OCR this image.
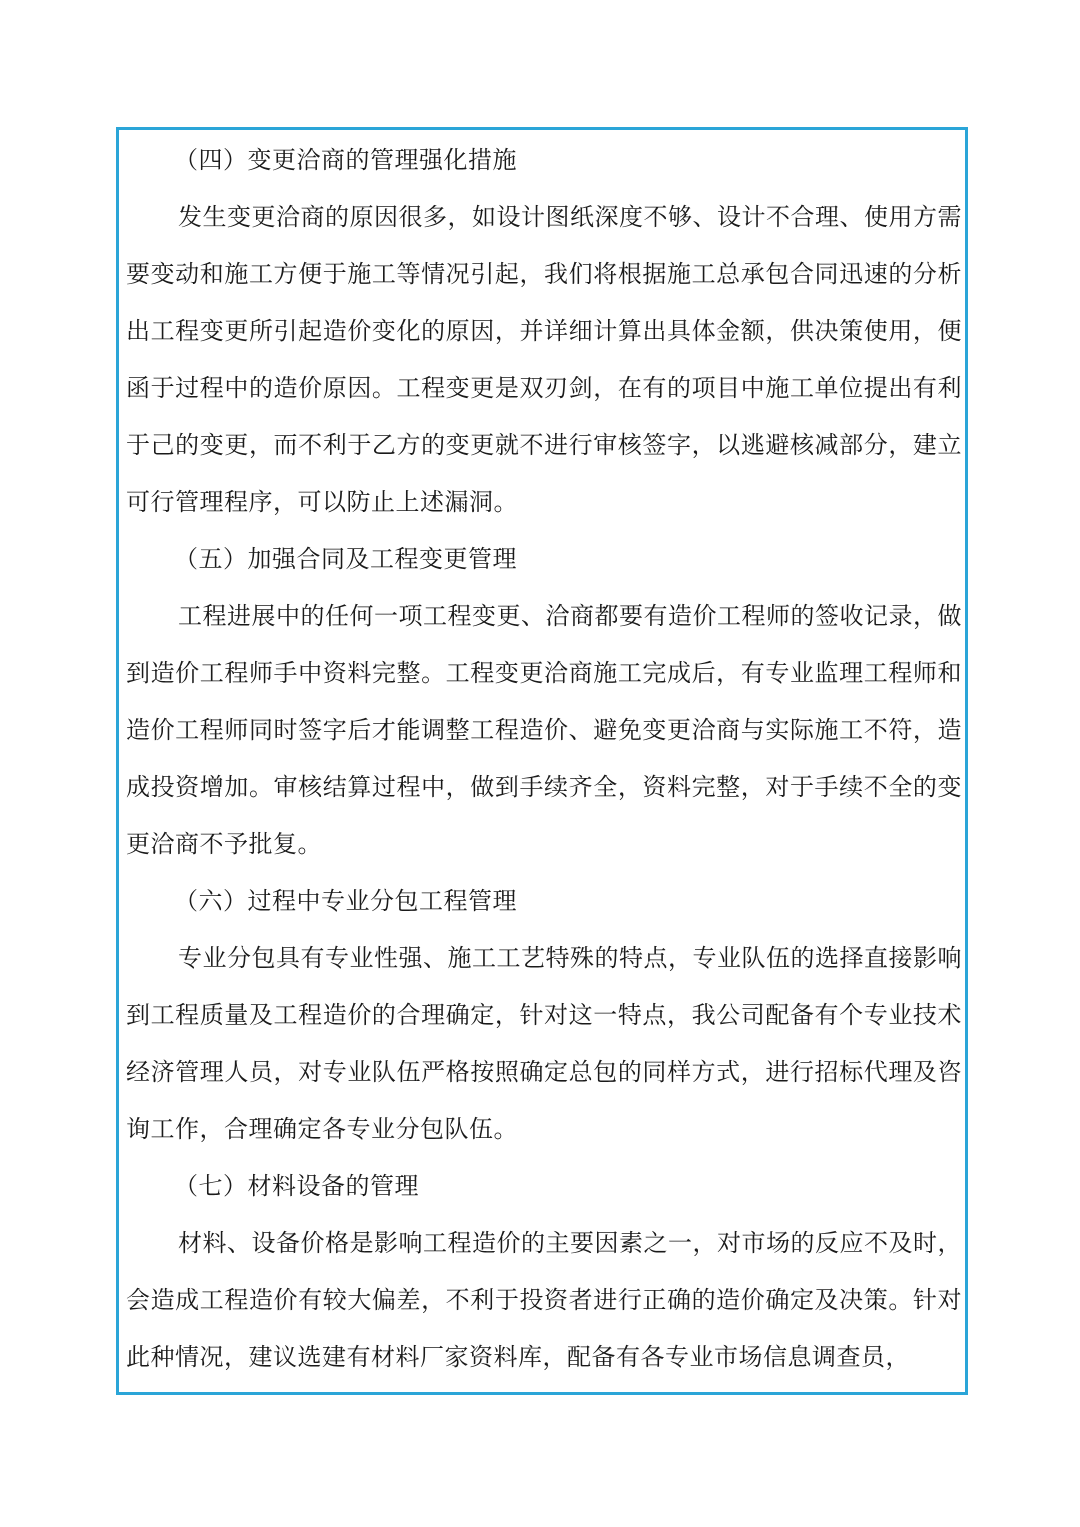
（四）变更洽商的管理强化措施

发生变更洽商的原因很多，如设计图纸深度不够、设计不合理、使用方需要变动和施工方便于施工等情况引起，我们将根据施工总承包合同迅速的分析出工程变更所引起造价变化的原因，并详细计算出具体金额，供决策使用，便函于过程中的造价原因。工程变更是双刃剑，在有的项目中施工单位提出有利于己的变更，而不利于乙方的变更就不进行审核签字，以逃避核减部分，建立可行管理程序，可以防止上述漏洞。

（五）加强合同及工程变更管理

工程进展中的任何一项工程变更、洽商都要有造价工程师的签收记录，做到造价工程师手中资料完整。工程变更洽商施工完成后，有专业监理工程师和造价工程师同时签字后才能调整工程造价、避免变更洽商与实际施工不符，造成投资增加。审核结算过程中，做到手续齐全，资料完整，对于手续不全的变更洽商不予批复。

（六）过程中专业分包工程管理

专业分包具有专业性强、施工工艺特殊的特点，专业队伍的选择直接影响到工程质量及工程造价的合理确定，针对这一特点，我公司配备有个专业技术经济管理人员，对专业队伍严格按照确定总包的同样方式，进行招标代理及咨询工作，合理确定各专业分包队伍。

（七）材料设备的管理

材料、设备价格是影响工程造价的主要因素之一，对市场的反应不及时，会造成工程造价有较大偏差，不利于投资者进行正确的造价确定及决策。针对此种情况，建议选建有材料厂家资料库，配备有各专业市场信息调查员，
